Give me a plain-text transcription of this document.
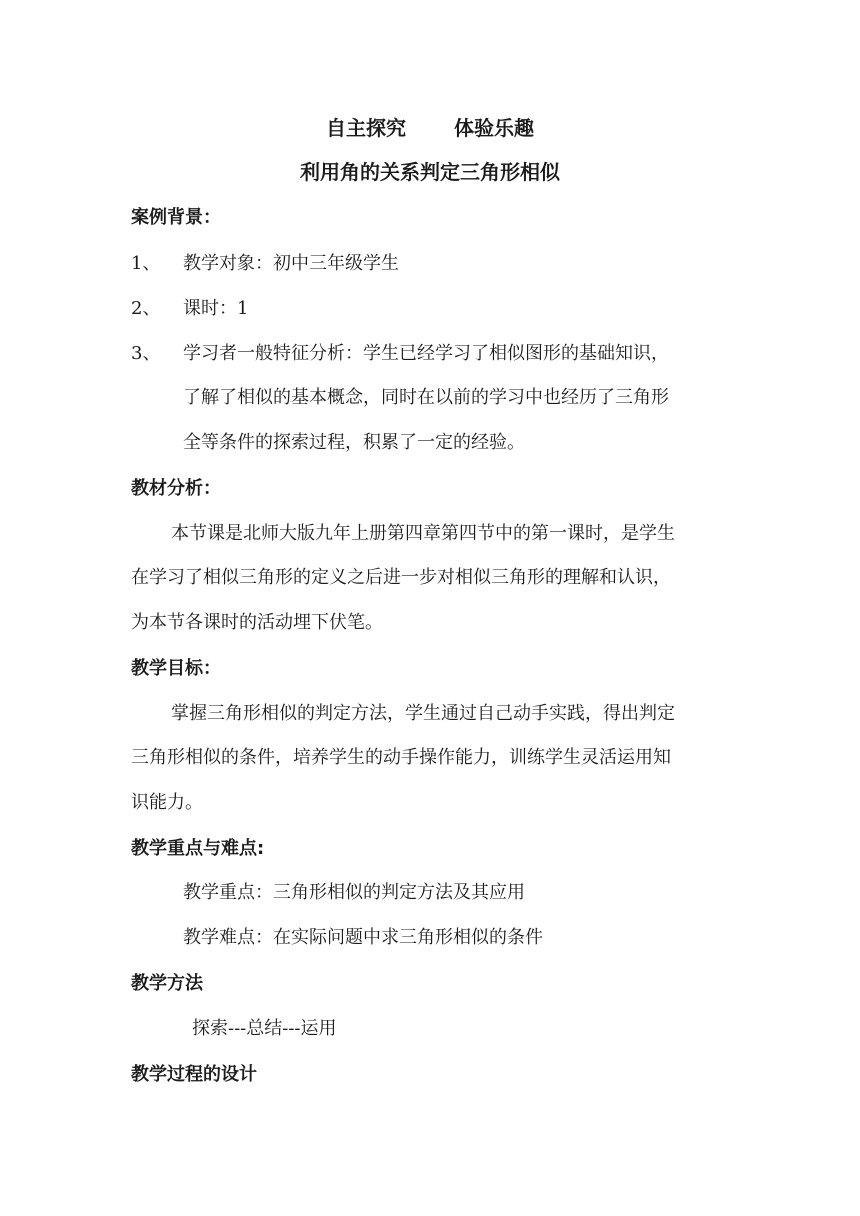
自主探究 体验乐趣
利用角的关系判定三角形相似
案例背景：
1、 教学对象：初中三年级学生
2、 课时：1
3、 学习者一般特征分析：学生已经学习了相似图形的基础知识，
了解了相似的基本概念，同时在以前的学习中也经历了三角形
全等条件的探索过程，积累了一定的经验。
教材分析：
本节课是北师大版九年上册第四章第四节中的第一课时，是学生
在学习了相似三角形的定义之后进一步对相似三角形的理解和认识，
为本节各课时的活动埋下伏笔。
教学目标：
掌握三角形相似的判定方法，学生通过自己动手实践，得出判定
三角形相似的条件，培养学生的动手操作能力，训练学生灵活运用知
识能力。
教学重点与难点:
教学重点：三角形相似的判定方法及其应用
教学难点：在实际问题中求三角形相似的条件
教学方法
探索---总结---运用
教学过程的设计
